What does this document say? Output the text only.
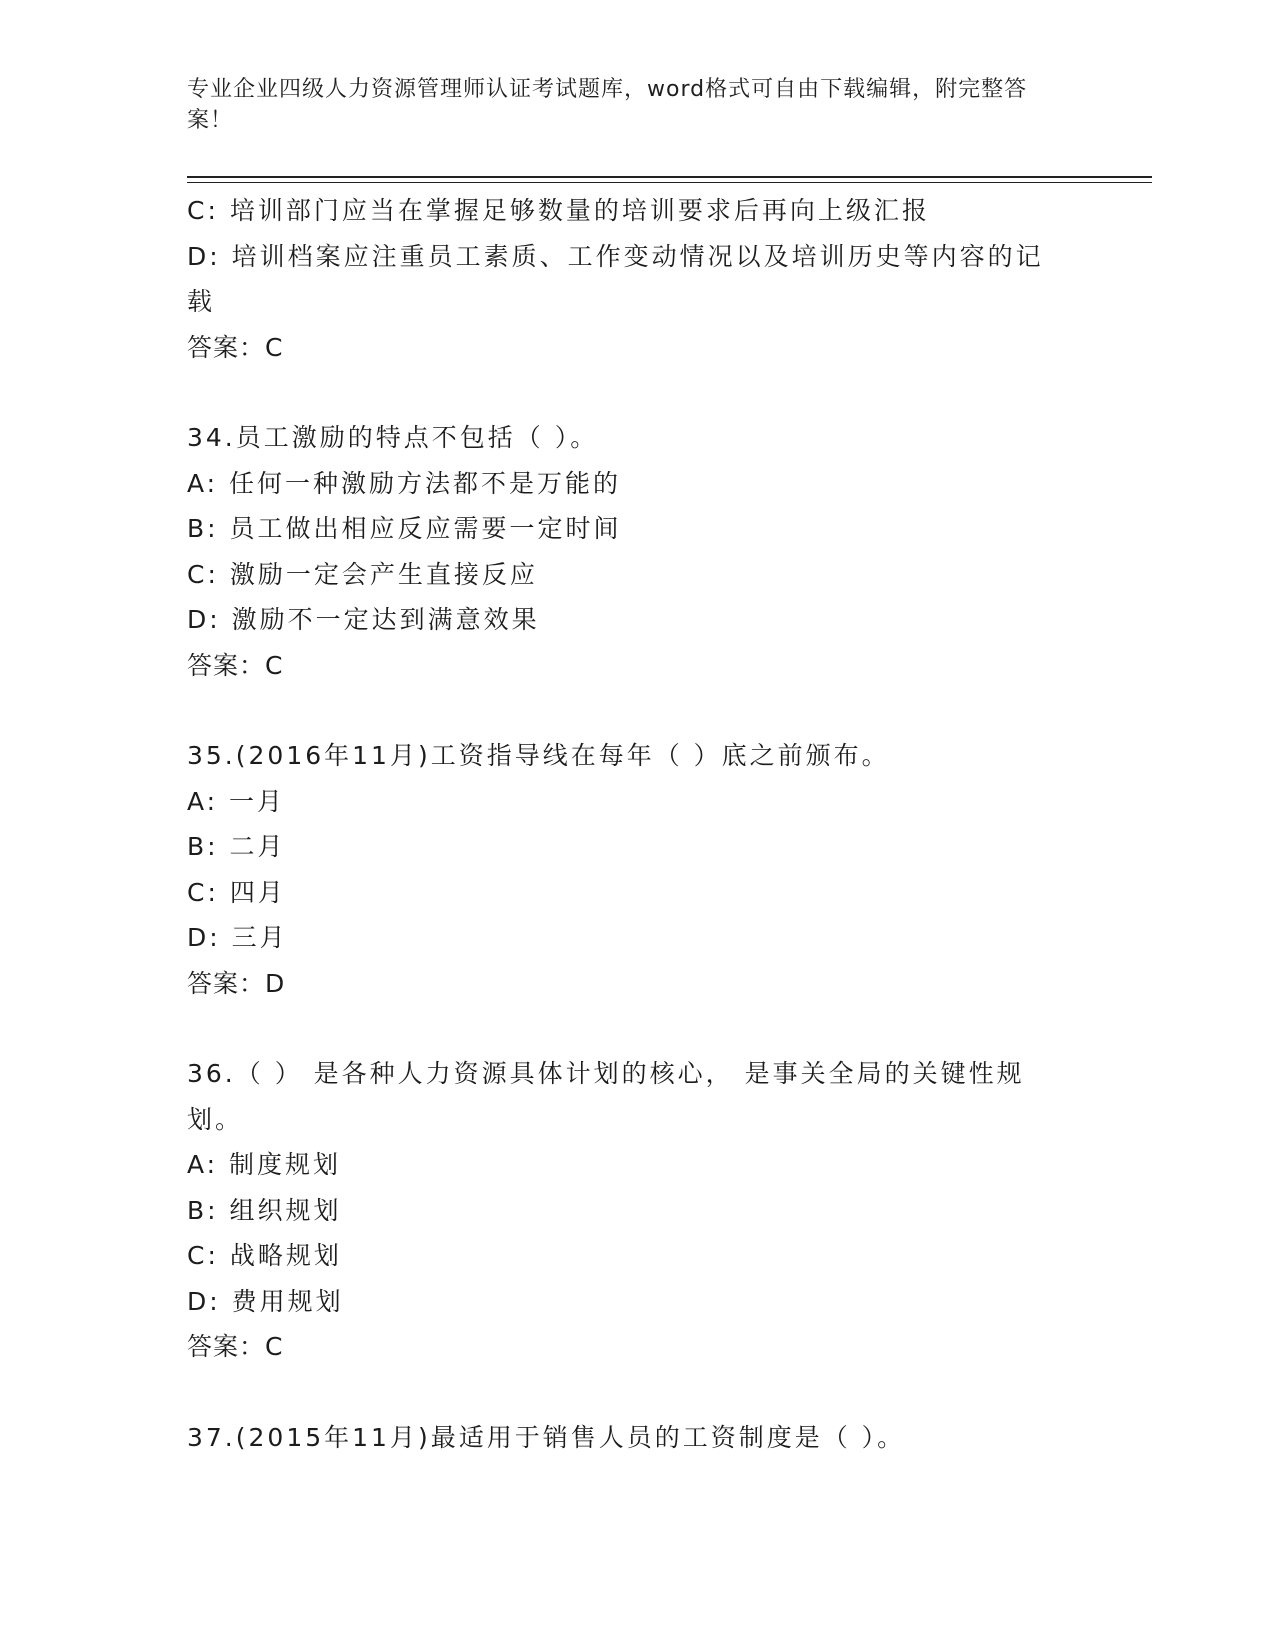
专业企业四级人力资源管理师认证考试题库，word格式可自由下载编辑，附完整答案！
C: 培训部门应当在掌握足够数量的培训要求后再向上级汇报
D: 培训档案应注重员工素质、工作变动情况以及培训历史等内容的记载
答案：C
34.员工激励的特点不包括（ ）。
A: 任何一种激励方法都不是万能的
B: 员工做出相应反应需要一定时间
C: 激励一定会产生直接反应
D: 激励不一定达到满意效果
答案：C
35.(2016年11月)工资指导线在每年（ ）底之前颁布。
A: 一月
B: 二月
C: 四月
D: 三月
答案：D
36.（ ） 是各种人力资源具体计划的核心， 是事关全局的关键性规划。
A: 制度规划
B: 组织规划
C: 战略规划
D: 费用规划
答案：C
37.(2015年11月)最适用于销售人员的工资制度是（ ）。
